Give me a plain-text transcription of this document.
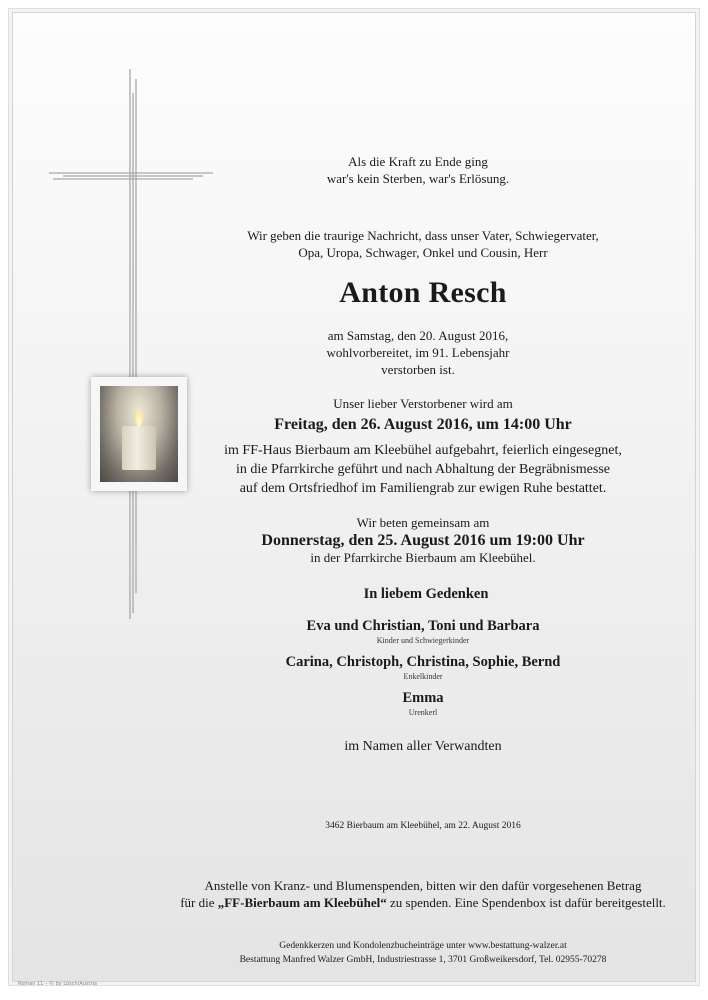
Als die Kraft zu Ende ging
war's kein Sterben, war's Erlösung.
Wir geben die traurige Nachricht, dass unser Vater, Schwiegervater,
Opa, Uropa, Schwager, Onkel und Cousin, Herr
Anton Resch
am Samstag, den 20. August 2016,
wohlvorbereitet, im 91. Lebensjahr
verstorben ist.
Unser lieber Verstorbener wird am
Freitag, den 26. August 2016, um 14:00 Uhr
im FF-Haus Bierbaum am Kleebühel aufgebahrt, feierlich eingesegnet,
in die Pfarrkirche geführt und nach Abhaltung der Begräbnismesse
auf dem Ortsfriedhof im Familiengrab zur ewigen Ruhe bestattet.
Wir beten gemeinsam am
Donnerstag, den 25. August 2016 um 19:00 Uhr
in der Pfarrkirche Bierbaum am Kleebühel.
In liebem Gedenken
Eva und Christian, Toni und Barbara
Kinder und Schwiegerkinder
Carina, Christoph, Christina, Sophie, Bernd
Enkelkinder
Emma
Urenkerl
im Namen aller Verwandten
3462 Bierbaum am Kleebühel, am 22. August 2016
Anstelle von Kranz- und Blumenspenden, bitten wir den dafür vorgesehenen Betrag
für die „FF-Bierbaum am Kleebühel“ zu spenden. Eine Spendenbox ist dafür bereitgestellt.
Gedenkkerzen und Kondolenzbucheinträge unter www.bestattung-walzer.at
Bestattung Manfred Walzer GmbH, Industriestrasse 1, 3701 Großweikersdorf, Tel. 02955-70278
Roman 11 – © by Lösch/Austria
